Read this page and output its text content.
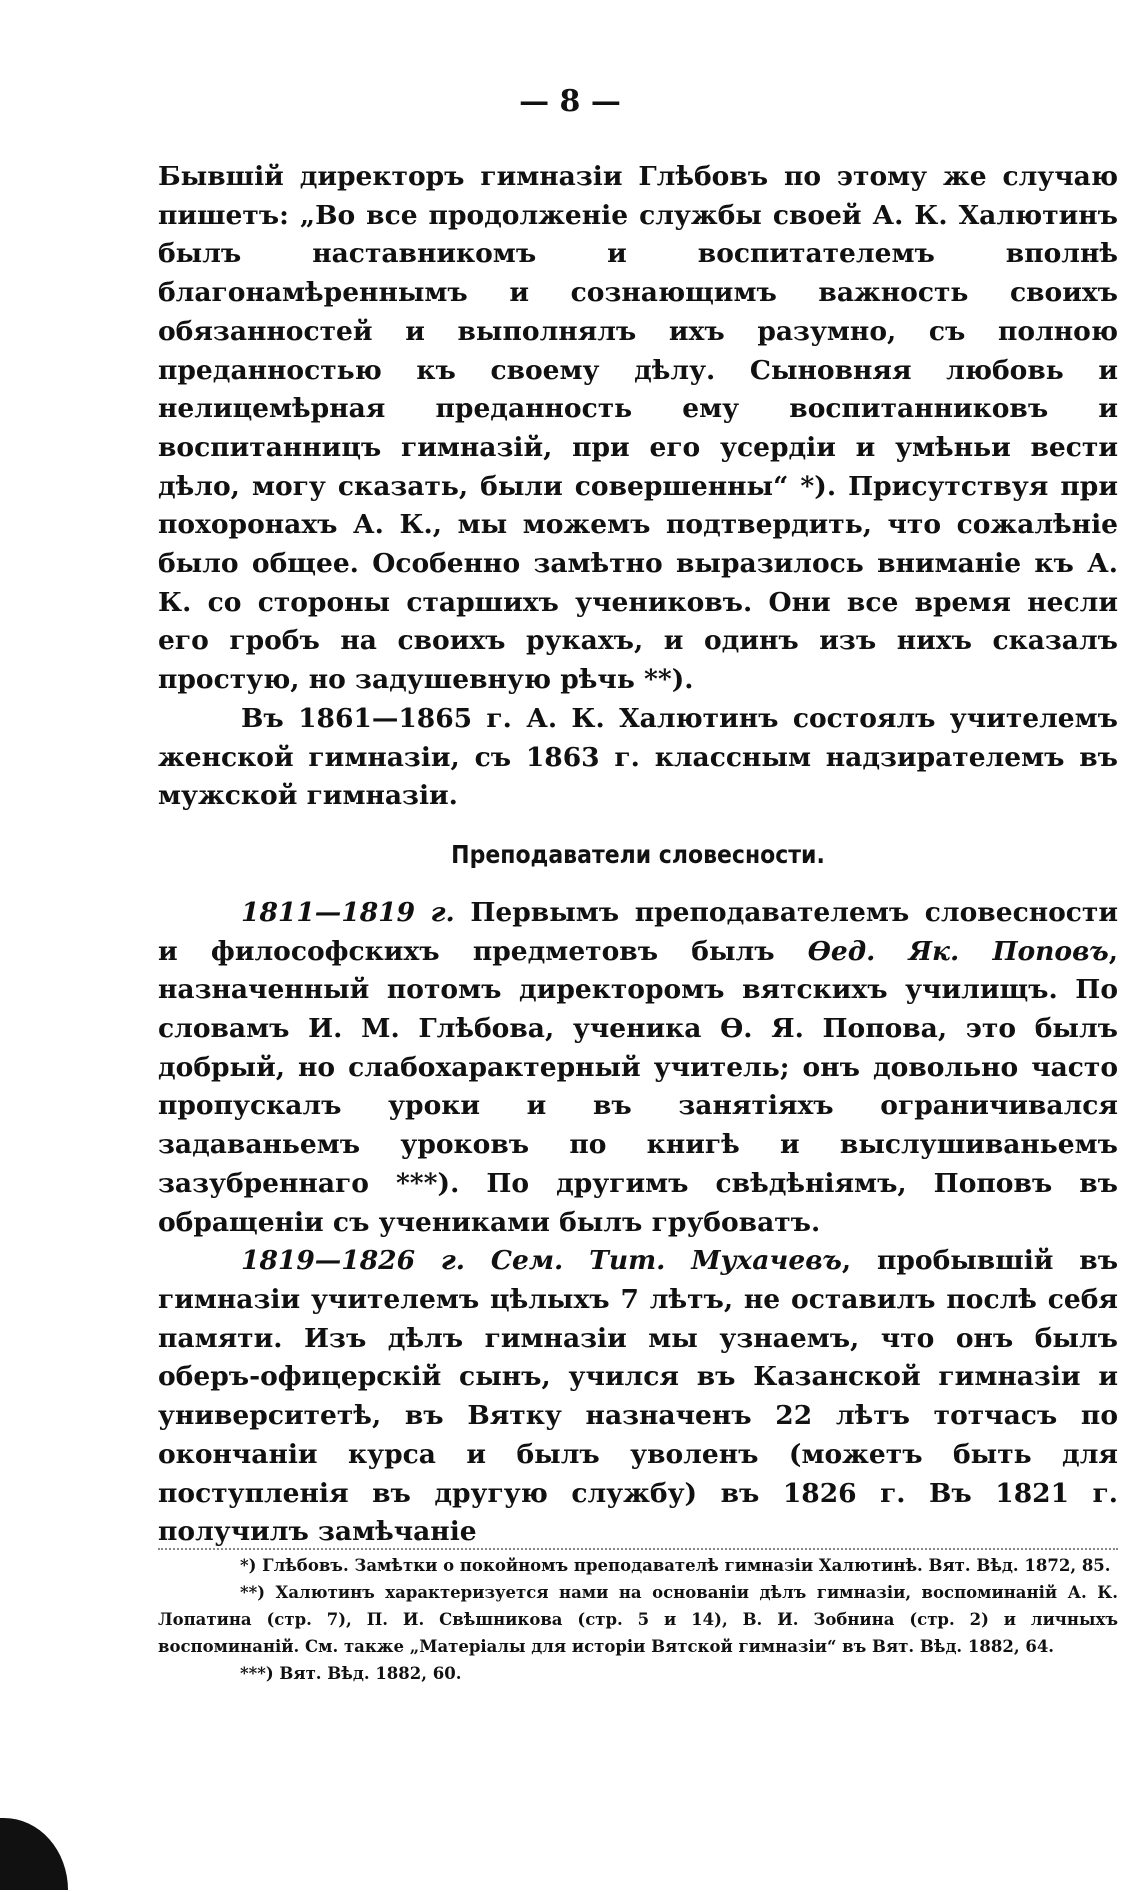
— 8 —

Бывшій директоръ гимназіи Глѣбовъ по этому же случаю пишетъ: „Во все продолженіе службы своей А. К. Халютинъ былъ наставникомъ и воспитателемъ вполнѣ благонамѣреннымъ и сознающимъ важность своихъ обязанностей и выполнялъ ихъ разумно, съ полною преданностью къ своему дѣлу. Сыновняя любовь и нелицемѣрная преданность ему воспитанниковъ и воспитанницъ гимназій, при его усердіи и умѣньи вести дѣло, могу сказать, были совершенны“ *). Присутствуя при похоронахъ А. К., мы можемъ подтвердить, что сожалѣніе было общее. Особенно замѣтно выразилось вниманіе къ А. К. со стороны старшихъ учениковъ. Они все время несли его гробъ на своихъ рукахъ, и одинъ изъ нихъ сказалъ простую, но задушевную рѣчь **).

Въ 1861—1865 г. А. К. Халютинъ состоялъ учителемъ женской гимназіи, съ 1863 г. классным надзирателемъ въ мужской гимназіи.

Преподаватели словесности.

1811—1819 г. Первымъ преподавателемъ словесности и философскихъ предметовъ былъ Ѳед. Як. Поповъ, назначенный потомъ директоромъ вятскихъ училищъ. По словамъ И. М. Глѣбова, ученика Ѳ. Я. Попова, это былъ добрый, но слабохарактерный учитель; онъ довольно часто пропускалъ уроки и въ занятіяхъ ограничивался задаваньемъ уроковъ по книгѣ и выслушиваньемъ зазубреннаго ***). По другимъ свѣдѣніямъ, Поповъ въ обращеніи съ учениками былъ грубоватъ.

1819—1826 г. Сем. Тит. Мухачевъ, пробывшій въ гимназіи учителемъ цѣлыхъ 7 лѣтъ, не оставилъ послѣ себя памяти. Изъ дѣлъ гимназіи мы узнаемъ, что онъ былъ оберъ-офицерскій сынъ, учился въ Казанской гимназіи и университетѣ, въ Вятку назначенъ 22 лѣтъ тотчасъ по окончаніи курса и былъ уволенъ (можетъ быть для поступленія въ другую службу) въ 1826 г. Въ 1821 г. получилъ замѣчаніе

*) Глѣбовъ. Замѣтки о покойномъ преподавателѣ гимназіи Халютинѣ. Вят. Вѣд. 1872, 85.

**) Халютинъ характеризуется нами на основаніи дѣлъ гимназіи, воспоминаній А. К. Лопатина (стр. 7), П. И. Свѣшникова (стр. 5 и 14), В. И. Зобнина (стр. 2) и личныхъ воспоминаній. См. также „Матеріалы для исторіи Вятской гимназіи“ въ Вят. Вѣд. 1882, 64.

***) Вят. Вѣд. 1882, 60.
